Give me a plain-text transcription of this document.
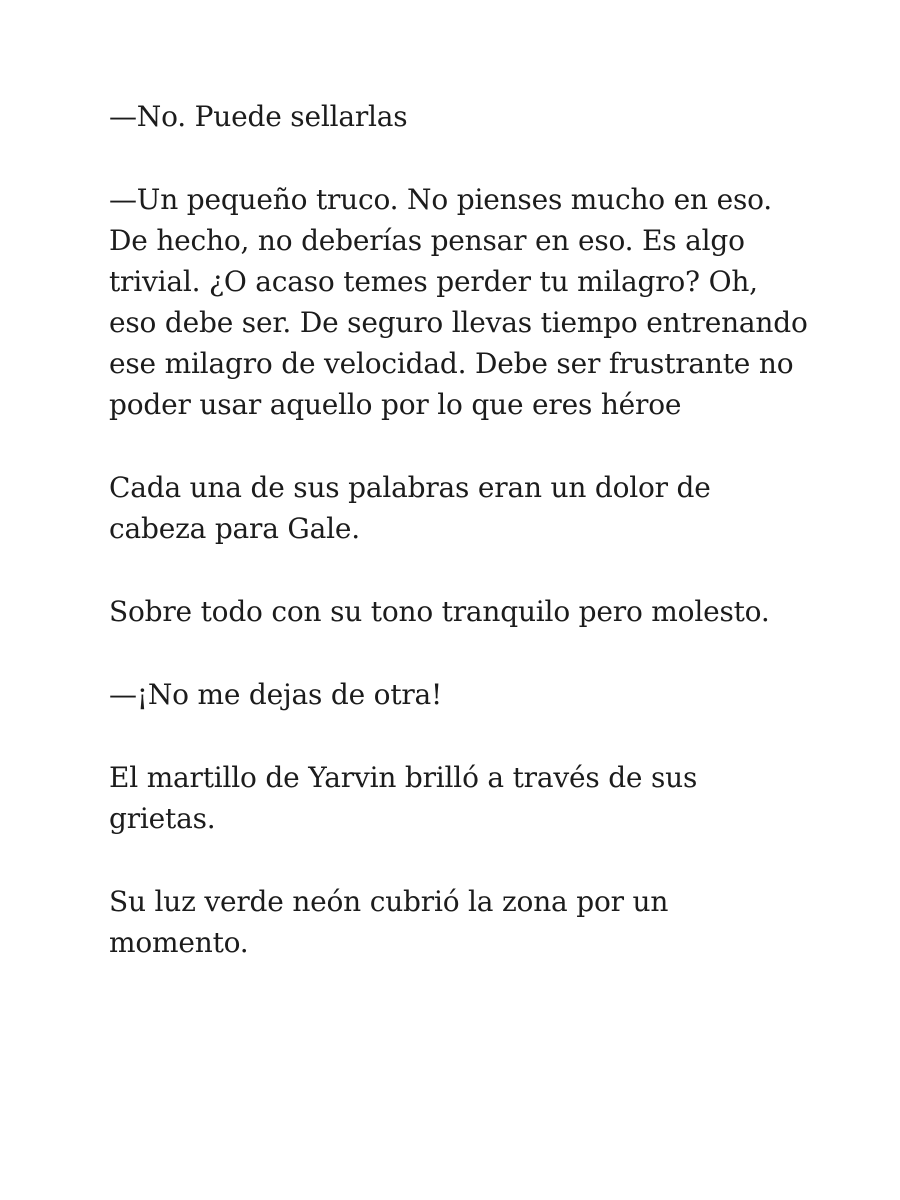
—No. Puede sellarlas

—Un pequeño truco. No pienses mucho en eso. De hecho, no deberías pensar en eso. Es algo trivial. ¿O acaso temes perder tu milagro? Oh, eso debe ser. De seguro llevas tiempo entrenando ese milagro de velocidad. Debe ser frustrante no poder usar aquello por lo que eres héroe

Cada una de sus palabras eran un dolor de cabeza para Gale.

Sobre todo con su tono tranquilo pero molesto.

—¡No me dejas de otra!

El martillo de Yarvin brilló a través de sus grietas.

Su luz verde neón cubrió la zona por un momento.
